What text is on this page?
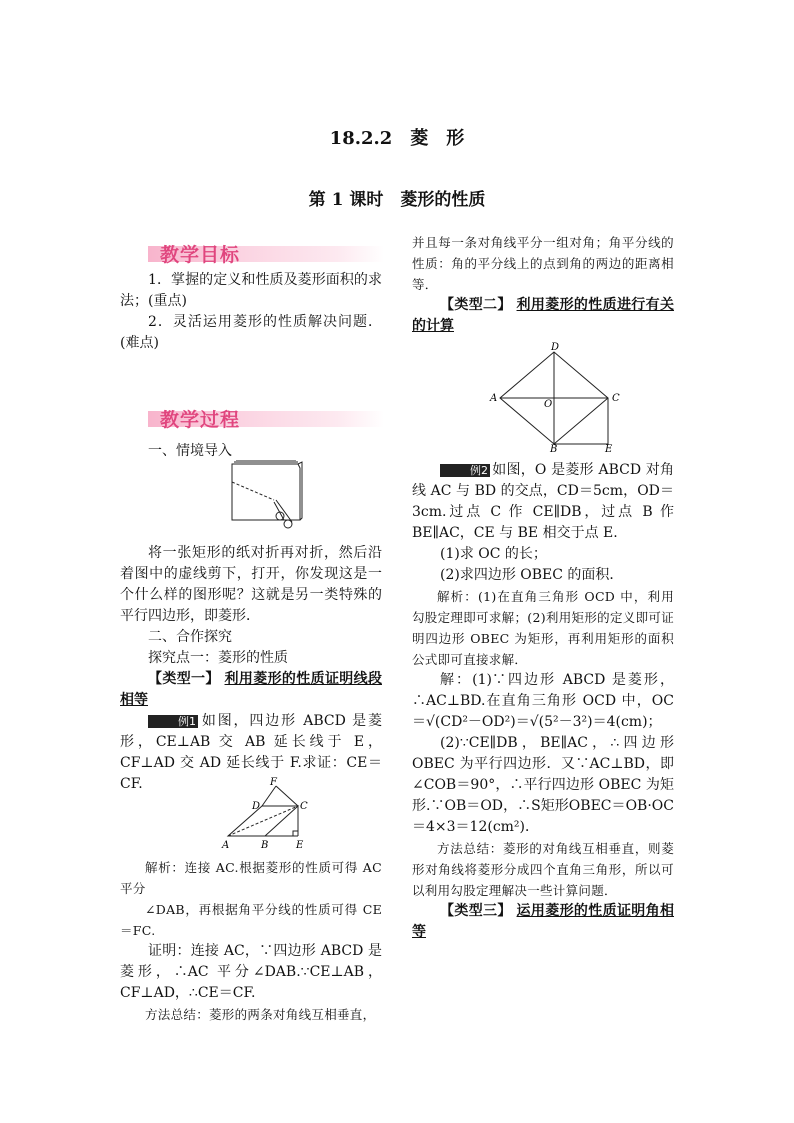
18.2.2　菱　形
第 1 课时　菱形的性质
教学目标

1．掌握的定义和性质及菱形面积的求法；(重点)

2．灵活运用菱形的性质解决问题．(难点)

教学过程

一、情境导入

将一张矩形的纸对折再对折，然后沿着图中的虚线剪下，打开，你发现这是一个什么样的图形呢？这就是另一类特殊的平行四边形，即菱形．

二、合作探究

探究点一：菱形的性质

【类型一】 利用菱形的性质证明线段相等

例1 如图，四边形 ABCD 是菱形，CE⊥AB 交 AB 延长线于 E，CF⊥AD 交 AD 延长线于 F.求证：CE＝CF.	F
D	C
A	B	E

解析：连接 AC.根据菱形的性质可得 AC 平分

∠DAB，再根据角平分线的性质可得 CE＝FC.

证明：连接 AC，∵四边形 ABCD 是菱形，∴AC 平分∠DAB.∵CE⊥AB，CF⊥AD，∴CE＝CF.

方法总结：菱形的两条对角线互相垂直，

并且每一条对角线平分一组对角；角平分线的性质：角的平分线上的点到角的两边的距离相等．

【类型二】 利用菱形的性质进行有关的计算

D
A
O
C
B	E

例2 如图，O 是菱形 ABCD 对角线 AC 与 BD 的交点，CD＝5cm，OD＝3cm.过点 C 作 CE∥DB，过点 B 作 BE∥AC，CE 与 BE 相交于点 E.

(1)求 OC 的长；

(2)求四边形 OBEC 的面积．

解析：(1)在直角三角形 OCD 中，利用勾股定理即可求解；(2)利用矩形的定义即可证明四边形 OBEC 为矩形，再利用矩形的面积公式即可直接求解．

解：(1)∵四边形 ABCD 是菱形，∴AC⊥BD.在直角三角形 OCD 中，OC＝√(CD²－OD²)＝√(5²－3²)＝4(cm)；

(2)∵CE∥DB，BE∥AC，∴四边形 OBEC 为平行四边形．又∵AC⊥BD，即∠COB＝90°，∴平行四边形 OBEC 为矩形.∵OB＝OD，∴S矩形OBEC＝OB·OC＝4×3＝12(cm²)．

方法总结：菱形的对角线互相垂直，则菱形对角线将菱形分成四个直角三角形，所以可以利用勾股定理解决一些计算问题．

【类型三】 运用菱形的性质证明角相等
